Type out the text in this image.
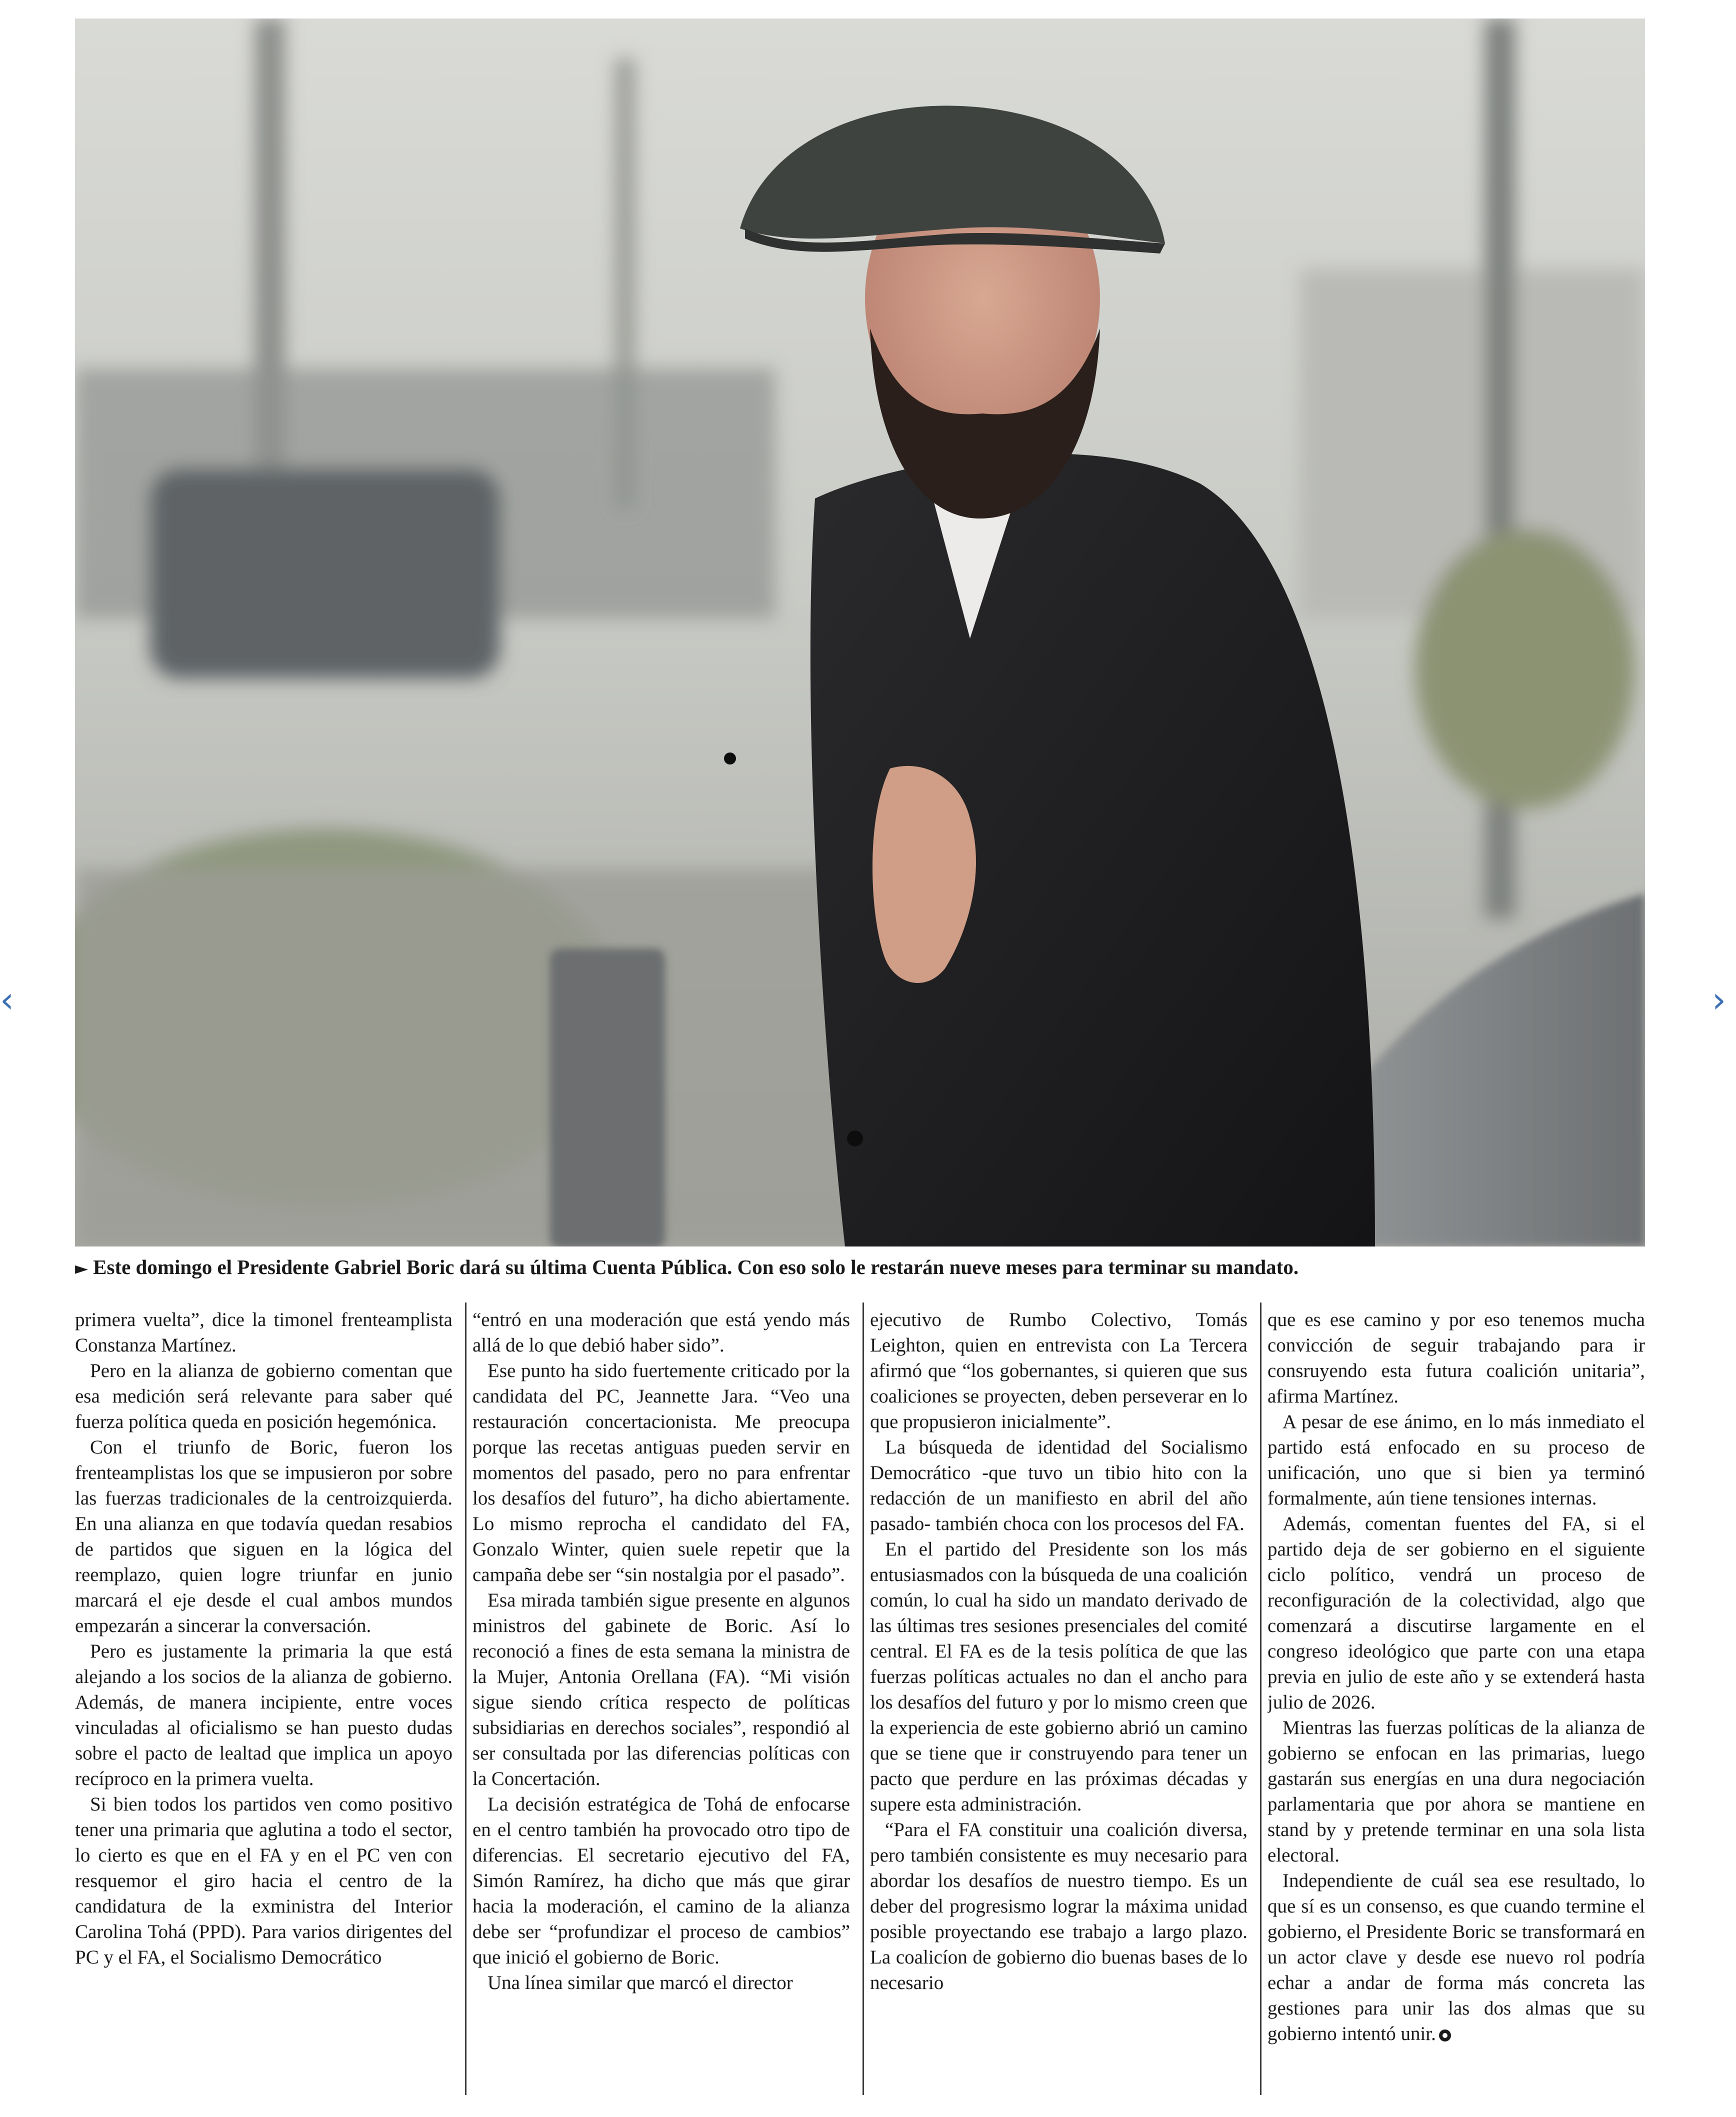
‹	›
► Este domingo el Presidente Gabriel Boric dará su última Cuenta Pública. Con eso solo le restarán nueve meses para terminar su mandato.

primera vuelta”, dice la timonel frenteamplista Constanza Martínez.

Pero en la alianza de gobierno comentan que esa medición será relevante para saber qué fuerza política queda en posición hegemónica.

Con el triunfo de Boric, fueron los frenteamplistas los que se impusieron por sobre las fuerzas tradicionales de la centroizquierda. En una alianza en que todavía quedan resabios de partidos que siguen en la lógica del reemplazo, quien logre triunfar en junio marcará el eje desde el cual ambos mundos empezarán a sincerar la conversación.

Pero es justamente la primaria la que está alejando a los socios de la alianza de gobierno. Además, de manera incipiente, entre voces vinculadas al oficialismo se han puesto dudas sobre el pacto de lealtad que implica un apoyo recíproco en la primera vuelta.

Si bien todos los partidos ven como positivo tener una primaria que aglutina a todo el sector, lo cierto es que en el FA y en el PC ven con resquemor el giro hacia el centro de la candidatura de la exministra del Interior Carolina Tohá (PPD). Para varios dirigentes del PC y el FA, el Socialismo Democrático

“entró en una moderación que está yendo más allá de lo que debió haber sido”.

Ese punto ha sido fuertemente criticado por la candidata del PC, Jeannette Jara. “Veo una restauración concertacionista. Me preocupa porque las recetas antiguas pueden servir en momentos del pasado, pero no para enfrentar los desafíos del futuro”, ha dicho abiertamente. Lo mismo reprocha el candidato del FA, Gonzalo Winter, quien suele repetir que la campaña debe ser “sin nostalgia por el pasado”.

Esa mirada también sigue presente en algunos ministros del gabinete de Boric. Así lo reconoció a fines de esta semana la ministra de la Mujer, Antonia Orellana (FA). “Mi visión sigue siendo crítica respecto de políticas subsidiarias en derechos sociales”, respondió al ser consultada por las diferencias políticas con la Concertación.

La decisión estratégica de Tohá de enfocarse en el centro también ha provocado otro tipo de diferencias. El secretario ejecutivo del FA, Simón Ramírez, ha dicho que más que girar hacia la moderación, el camino de la alianza debe ser “profundizar el proceso de cambios” que inició el gobierno de Boric.

Una línea similar que marcó el director

ejecutivo de Rumbo Colectivo, Tomás Leighton, quien en entrevista con La Tercera afirmó que “los gobernantes, si quieren que sus coaliciones se proyecten, deben perseverar en lo que propusieron inicialmente”.

La búsqueda de identidad del Socialismo Democrático -que tuvo un tibio hito con la redacción de un manifiesto en abril del año pasado- también choca con los procesos del FA.

En el partido del Presidente son los más entusiasmados con la búsqueda de una coalición común, lo cual ha sido un mandato derivado de las últimas tres sesiones presenciales del comité central. El FA es de la tesis política de que las fuerzas políticas actuales no dan el ancho para los desafíos del futuro y por lo mismo creen que la experiencia de este gobierno abrió un camino que se tiene que ir construyendo para tener un pacto que perdure en las próximas décadas y supere esta administración.

“Para el FA constituir una coalición diversa, pero también consistente es muy necesario para abordar los desafíos de nuestro tiempo. Es un deber del progresismo lograr la máxima unidad posible proyectando ese trabajo a largo plazo. La coalicíon de gobierno dio buenas bases de lo necesario

que es ese camino y por eso tenemos mucha convicción de seguir trabajando para ir consruyendo esta futura coalición unitaria”, afirma Martínez.

A pesar de ese ánimo, en lo más inmediato el partido está enfocado en su proceso de unificación, uno que si bien ya terminó formalmente, aún tiene tensiones internas.

Además, comentan fuentes del FA, si el partido deja de ser gobierno en el siguiente ciclo político, vendrá un proceso de reconfiguración de la colectividad, algo que comenzará a discutirse largamente en el congreso ideológico que parte con una etapa previa en julio de este año y se extenderá hasta julio de 2026.

Mientras las fuerzas políticas de la alianza de gobierno se enfocan en las primarias, luego gastarán sus energías en una dura negociación parlamentaria que por ahora se mantiene en stand by y pretende terminar en una sola lista electoral.

Independiente de cuál sea ese resultado, lo que sí es un consenso, es que cuando termine el gobierno, el Presidente Boric se transformará en un actor clave y desde ese nuevo rol podría echar a andar de forma más concreta las gestiones para unir las dos almas que su gobierno intentó unir.
